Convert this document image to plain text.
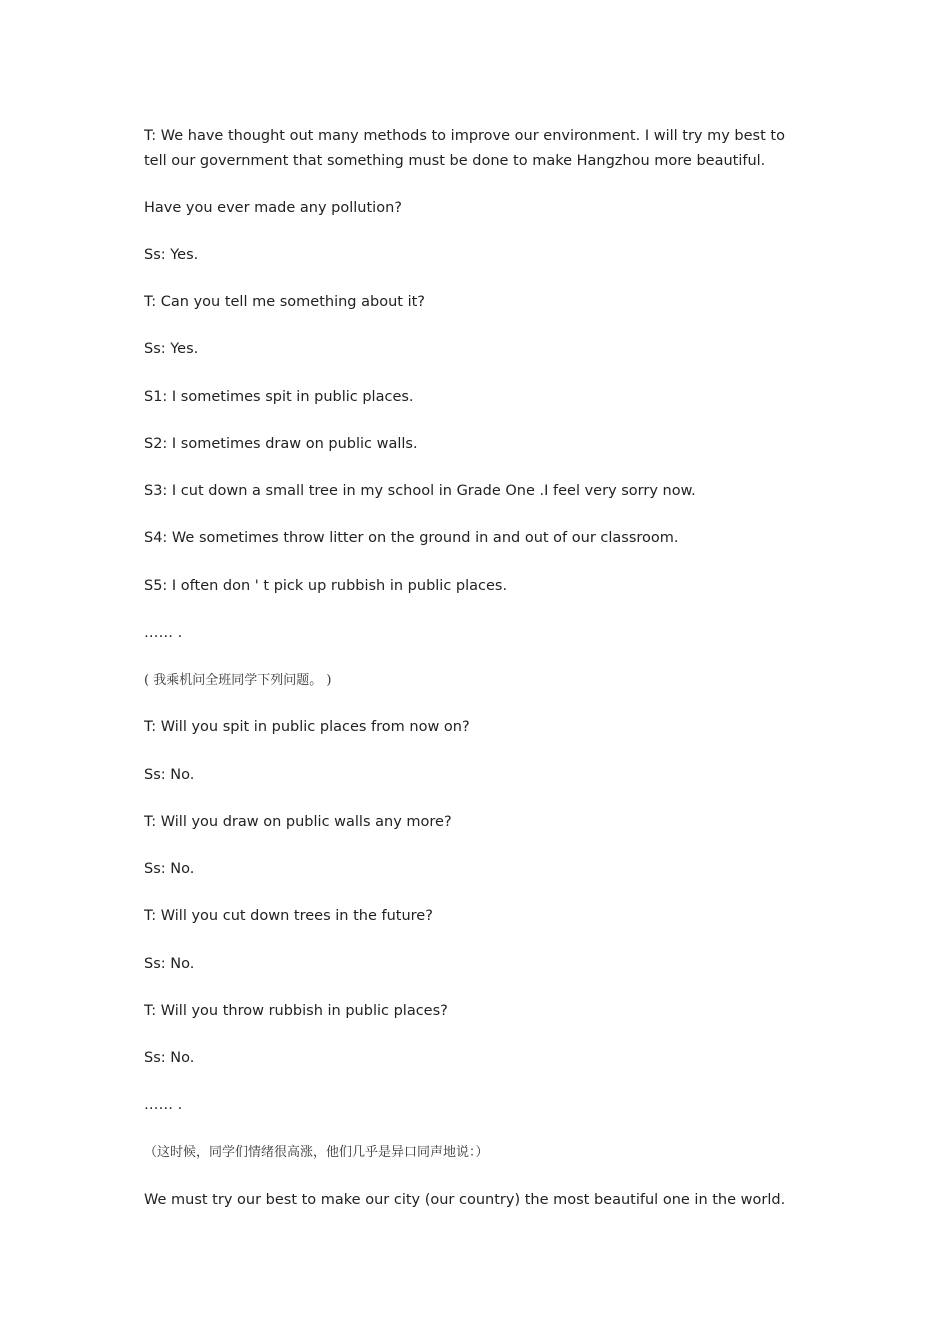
T: We have thought out many methods to improve our environment. I will try my best to tell our government that something must be done to make Hangzhou more beautiful.

Have you ever made any pollution?

Ss: Yes.

T: Can you tell me something about it?

Ss: Yes.

S1: I sometimes spit in public places.

S2: I sometimes draw on public walls.

S3: I cut down a small tree in my school in Grade One .I feel very sorry now.

S4: We sometimes throw litter on the ground in and out of our classroom.

S5: I often don ' t pick up rubbish in public places.

…… .

( 我乘机问全班同学下列问题。 )

T: Will you spit in public places from now on?

Ss: No.

T: Will you draw on public walls any more?

Ss: No.

T: Will you cut down trees in the future?

Ss: No.

T: Will you throw rubbish in public places?

Ss: No.

…… .

（这时候，同学们情绪很高涨，他们几乎是异口同声地说：）

We must try our best to make our city (our country) the most beautiful one in the world.
